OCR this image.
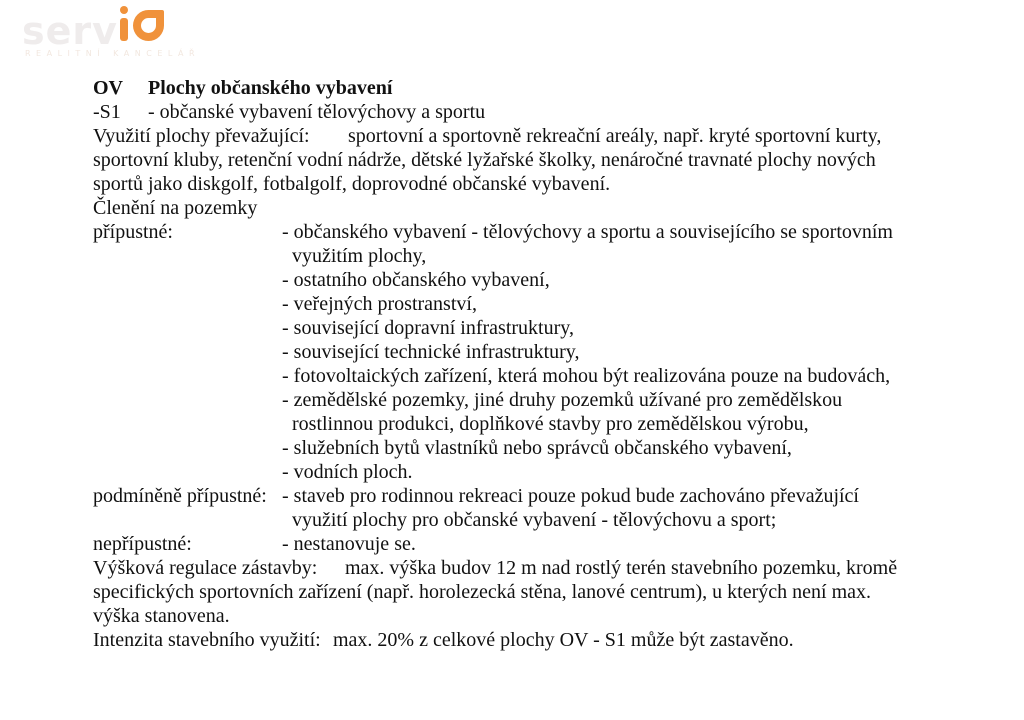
serv
REALITNÍ KANCELÁŘ
OV Plochy občanského vybavení
-S1 - občanské vybavení tělovýchovy a sportu
Využití plochy převažující: sportovní a sportovně rekreační areály, např. kryté sportovní kurty,
sportovní kluby, retenční vodní nádrže, dětské lyžařské školky, nenáročné travnaté plochy nových
sportů jako diskgolf, fotbalgolf, doprovodné občanské vybavení.
Členění na pozemky
přípustné:	- občanského vybavení - tělovýchovy a sportu a souvisejícího se sportovním
využitím plochy,
- ostatního občanského vybavení,
- veřejných prostranství,
- související dopravní infrastruktury,
- související technické infrastruktury,
- fotovoltaických zařízení, která mohou být realizována pouze na budovách,
- zemědělské pozemky, jiné druhy pozemků užívané pro zemědělskou
rostlinnou produkci, doplňkové stavby pro zemědělskou výrobu,
- služebních bytů vlastníků nebo správců občanského vybavení,
- vodních ploch.
podmíněně přípustné: - staveb pro rodinnou rekreaci pouze pokud bude zachováno převažující
využití plochy pro občanské vybavení - tělovýchovu a sport;
nepřípustné:	- nestanovuje se.
Výšková regulace zástavby: max. výška budov 12 m nad rostlý terén stavebního pozemku, kromě
specifických sportovních zařízení (např. horolezecká stěna, lanové centrum), u kterých není max.
výška stanovena.
Intenzita stavebního využití: max. 20% z celkové plochy OV - S1 může být zastavěno.
